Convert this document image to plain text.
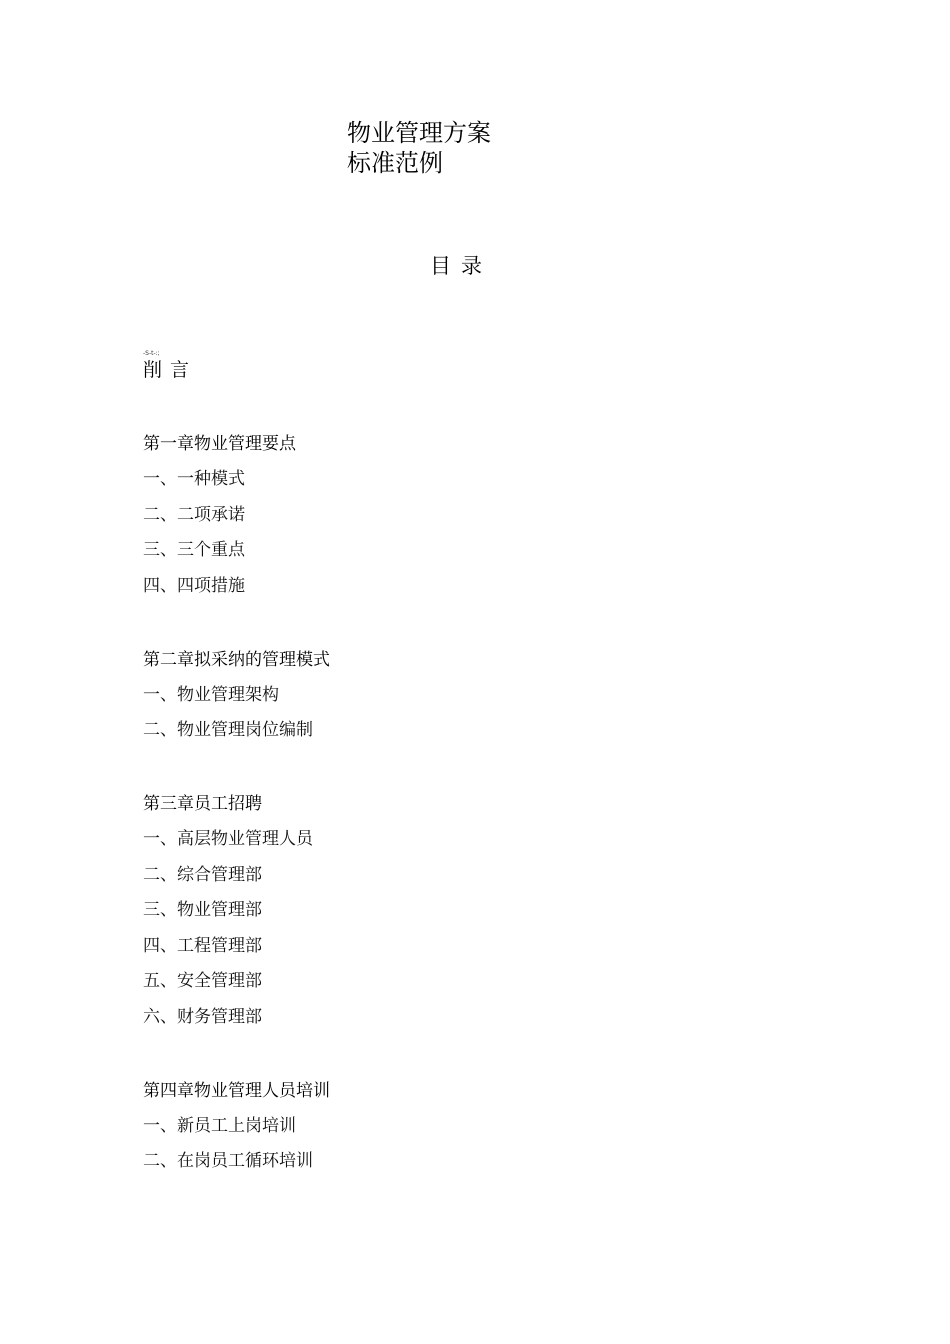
物业管理方案
标准范例
目录
-S-t-:;
削言
第一章物业管理要点
一、一种模式
二、二项承诺
三、三个重点
四、四项措施
第二章拟采纳的管理模式
一、物业管理架构
二、物业管理岗位编制
第三章员工招聘
一、高层物业管理人员
二、综合管理部
三、物业管理部
四、工程管理部
五、安全管理部
六、财务管理部
第四章物业管理人员培训
一、新员工上岗培训
二、在岗员工循环培训
